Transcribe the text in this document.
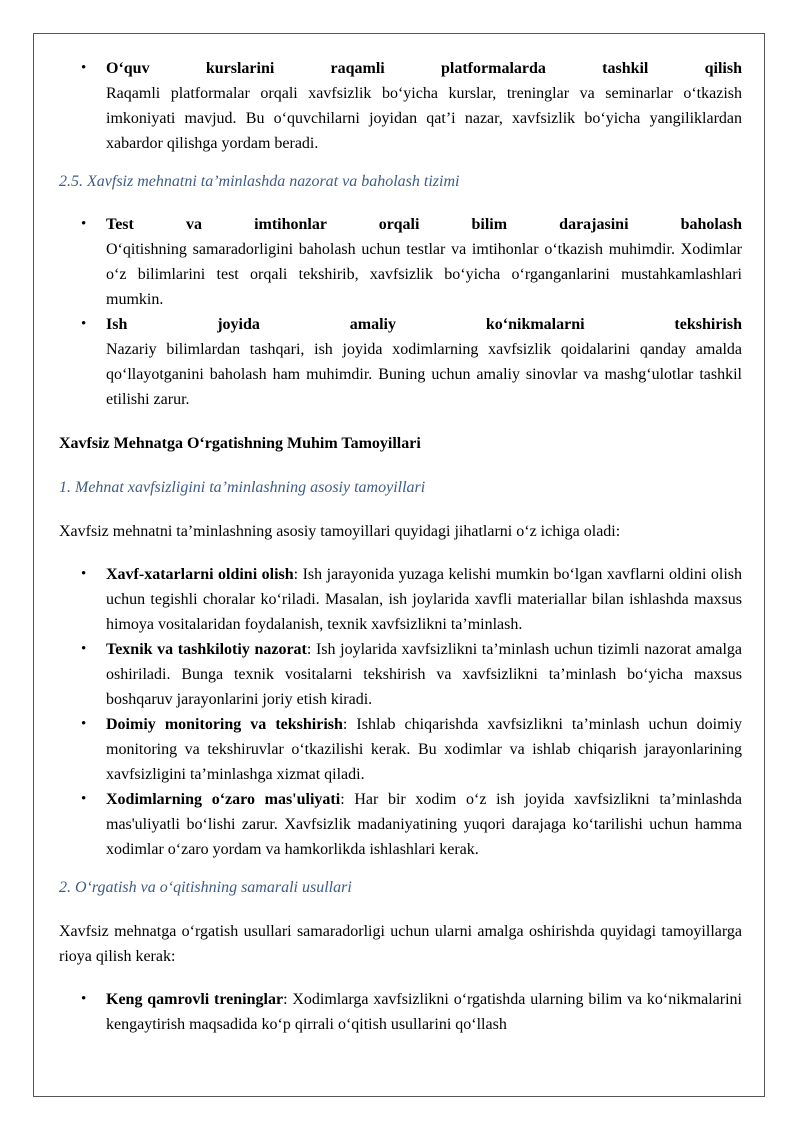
• O‘quv kurslarini raqamli platformalarda tashkil qilish
Raqamli platformalar orqali xavfsizlik bo‘yicha kurslar, treninglar va seminarlar o‘tkazish imkoniyati mavjud. Bu o‘quvchilarni joyidan qat’i nazar, xavfsizlik bo‘yicha yangiliklardan xabardor qilishga yordam beradi.

2.5. Xavfsiz mehnatni ta’minlashda nazorat va baholash tizimi

• Test va imtihonlar orqali bilim darajasini baholash
O‘qitishning samaradorligini baholash uchun testlar va imtihonlar o‘tkazish muhimdir. Xodimlar o‘z bilimlarini test orqali tekshirib, xavfsizlik bo‘yicha o‘rganganlarini mustahkamlashlari mumkin.
• Ish joyida amaliy ko‘nikmalarni tekshirish
Nazariy bilimlardan tashqari, ish joyida xodimlarning xavfsizlik qoidalarini qanday amalda qo‘llayotganini baholash ham muhimdir. Buning uchun amaliy sinovlar va mashg‘ulotlar tashkil etilishi zarur.

Xavfsiz Mehnatga O‘rgatishning Muhim Tamoyillari

1. Mehnat xavfsizligini ta’minlashning asosiy tamoyillari

Xavfsiz mehnatni ta’minlashning asosiy tamoyillari quyidagi jihatlarni o‘z ichiga oladi:

• Xavf-xatarlarni oldini olish: Ish jarayonida yuzaga kelishi mumkin bo‘lgan xavflarni oldini olish uchun tegishli choralar ko‘riladi. Masalan, ish joylarida xavfli materiallar bilan ishlashda maxsus himoya vositalaridan foydalanish, texnik xavfsizlikni ta’minlash.
• Texnik va tashkilotiy nazorat: Ish joylarida xavfsizlikni ta’minlash uchun tizimli nazorat amalga oshiriladi. Bunga texnik vositalarni tekshirish va xavfsizlikni ta’minlash bo‘yicha maxsus boshqaruv jarayonlarini joriy etish kiradi.
• Doimiy monitoring va tekshirish: Ishlab chiqarishda xavfsizlikni ta’minlash uchun doimiy monitoring va tekshiruvlar o‘tkazilishi kerak. Bu xodimlar va ishlab chiqarish jarayonlarining xavfsizligini ta’minlashga xizmat qiladi.
• Xodimlarning o‘zaro mas'uliyati: Har bir xodim o‘z ish joyida xavfsizlikni ta’minlashda mas'uliyatli bo‘lishi zarur. Xavfsizlik madaniyatining yuqori darajaga ko‘tarilishi uchun hamma xodimlar o‘zaro yordam va hamkorlikda ishlashlari kerak.

2. O‘rgatish va o‘qitishning samarali usullari

Xavfsiz mehnatga o‘rgatish usullari samaradorligi uchun ularni amalga oshirishda quyidagi tamoyillarga rioya qilish kerak:

• Keng qamrovli treninglar: Xodimlarga xavfsizlikni o‘rgatishda ularning bilim va ko‘nikmalarini kengaytirish maqsadida ko‘p qirrali o‘qitish usullarini qo‘llash
